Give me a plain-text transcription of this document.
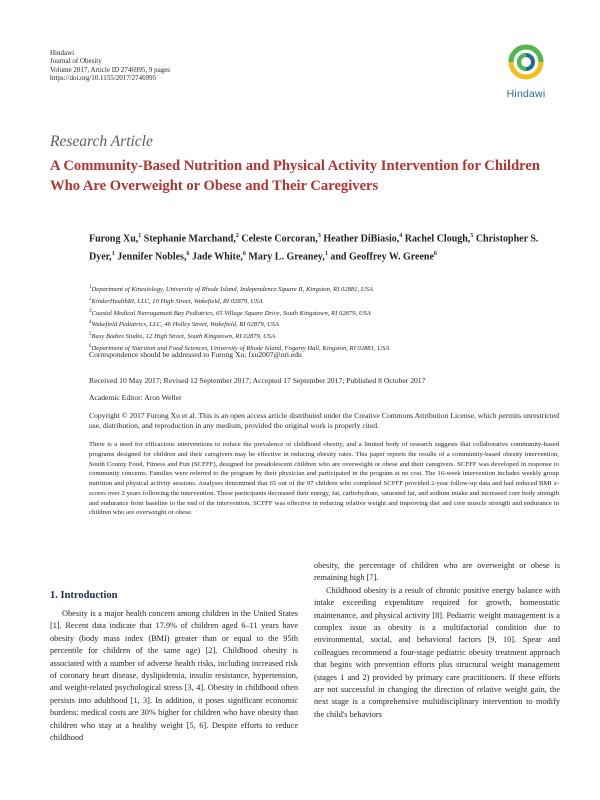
Hindawi
Journal of Obesity
Volume 2017, Article ID 2746995, 9 pages
https://doi.org/10.1155/2017/2746995
Hindawi
Research Article
A Community-Based Nutrition and Physical Activity Intervention for Children Who Are Overweight or Obese and Their Caregivers
Furong Xu,$^1$ Stephanie Marchand,$^2$ Celeste Corcoran,$^3$ Heather DiBiasio,$^4$ Rachel Clough,$^5$ Christopher S. Dyer,$^1$ Jennifer Nobles,$^6$ Jade White,$^6$ Mary L. Greaney,$^1$ and Geoffrey W. Greene$^6$
$^1$Department of Kinesiology, University of Rhode Island, Independence Square II, Kingston, RI 02881, USA
$^2$KinderHealthRI, LLC, 10 High Street, Wakefield, RI 02879, USA
$^3$Coastal Medical Narragansett Bay Pediatrics, 65 Village Square Drive, South Kingstown, RI 02879, USA
$^4$Wakefield Pediatrics, LLC, 46 Holley Street, Wakefield, RI 02879, USA
$^5$Busy Bodies Studio, 12 High Street, South Kingstown, RI 02879, USA
$^6$Department of Nutrition and Food Sciences, University of Rhode Island, Fogarty Hall, Kingston, RI 02881, USA
Correspondence should be addressed to Furong Xu; fxu2007@uri.edu
Received 10 May 2017; Revised 12 September 2017; Accepted 17 September 2017; Published 8 October 2017
Academic Editor: Aron Weller
Copyright © 2017 Furong Xu et al. This is an open access article distributed under the Creative Commons Attribution License, which permits unrestricted use, distribution, and reproduction in any medium, provided the original work is properly cited.
There is a need for efficacious interventions to reduce the prevalence of childhood obesity, and a limited body of research suggests that collaborative community-based programs designed for children and their caregivers may be effective in reducing obesity rates. This paper reports the results of a community-based obesity intervention, South County Food, Fitness and Fun (SCFFF), designed for preadolescent children who are overweight or obese and their caregivers. SCFFF was developed in response to community concerns. Families were referred to the program by their physician and participated in the program at no cost. The 16-week intervention includes weekly group nutrition and physical activity sessions. Analyses determined that 65 out of the 97 children who completed SCFFF provided 2-year follow-up data and had reduced BMI z-scores over 2 years following the intervention. These participants decreased their energy, fat, carbohydrate, saturated fat, and sodium intake and increased core body strength and endurance from baseline to the end of the intervention. SCFFF was effective in reducing relative weight and improving diet and core muscle strength and endurance in children who are overweight or obese.
1. Introduction

Obesity is a major health concern among children in the United States [1]. Recent data indicate that 17.9% of children aged 6–11 years have obesity (body mass index (BMI) greater than or equal to the 95th percentile for children of the same age) [2]. Childhood obesity is associated with a number of adverse health risks, including increased risk of coronary heart disease, dyslipidemia, insulin resistance, hypertension, and weight-related psychological stress [3, 4]. Obesity in childhood often persists into adulthood [1, 3]. In addition, it poses significant economic burdens: medical costs are 30% higher for children who have obesity than children who stay at a healthy weight [5, 6]. Despite efforts to reduce childhood

obesity, the percentage of children who are overweight or obese is remaining high [7].
Childhood obesity is a result of chronic positive energy balance with intake exceeding expenditure required for growth, homeostatic maintenance, and physical activity [8]. Pediatric weight management is a complex issue as obesity is a multifactorial condition due to environmental, social, and behavioral factors [9, 10]. Spear and colleagues recommend a four-stage pediatric obesity treatment approach that begins with prevention efforts plus structural weight management (stages 1 and 2) provided by primary care practitioners. If these efforts are not successful in changing the direction of relative weight gain, the next stage is a comprehensive multidisciplinary intervention to modify the child's behaviors
